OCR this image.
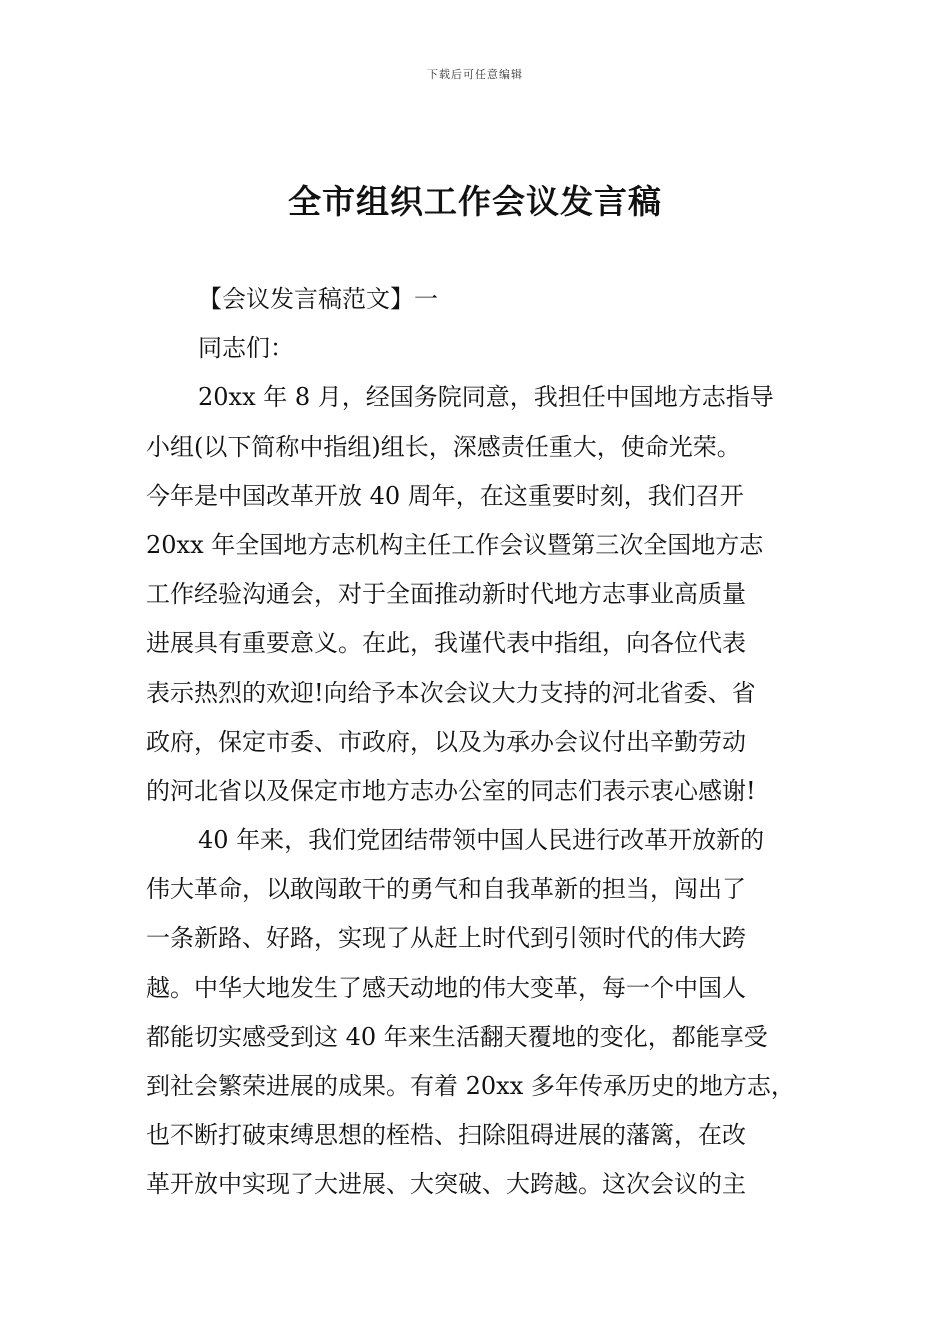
下载后可任意编辑
全市组织工作会议发言稿
【会议发言稿范文】一
同志们：
20xx 年 8 月，经国务院同意，我担任中国地方志指导
小组(以下简称中指组)组长，深感责任重大，使命光荣。
今年是中国改革开放 40 周年，在这重要时刻，我们召开
20xx 年全国地方志机构主任工作会议暨第三次全国地方志
工作经验沟通会，对于全面推动新时代地方志事业高质量
进展具有重要意义。在此，我谨代表中指组，向各位代表
表示热烈的欢迎!向给予本次会议大力支持的河北省委、省
政府，保定市委、市政府，以及为承办会议付出辛勤劳动
的河北省以及保定市地方志办公室的同志们表示衷心感谢!
40 年来，我们党团结带领中国人民进行改革开放新的
伟大革命，以敢闯敢干的勇气和自我革新的担当，闯出了
一条新路、好路，实现了从赶上时代到引领时代的伟大跨
越。中华大地发生了感天动地的伟大变革，每一个中国人
都能切实感受到这 40 年来生活翻天覆地的变化，都能享受
到社会繁荣进展的成果。有着 20xx 多年传承历史的地方志，
也不断打破束缚思想的桎梏、扫除阻碍进展的藩篱，在改
革开放中实现了大进展、大突破、大跨越。这次会议的主
